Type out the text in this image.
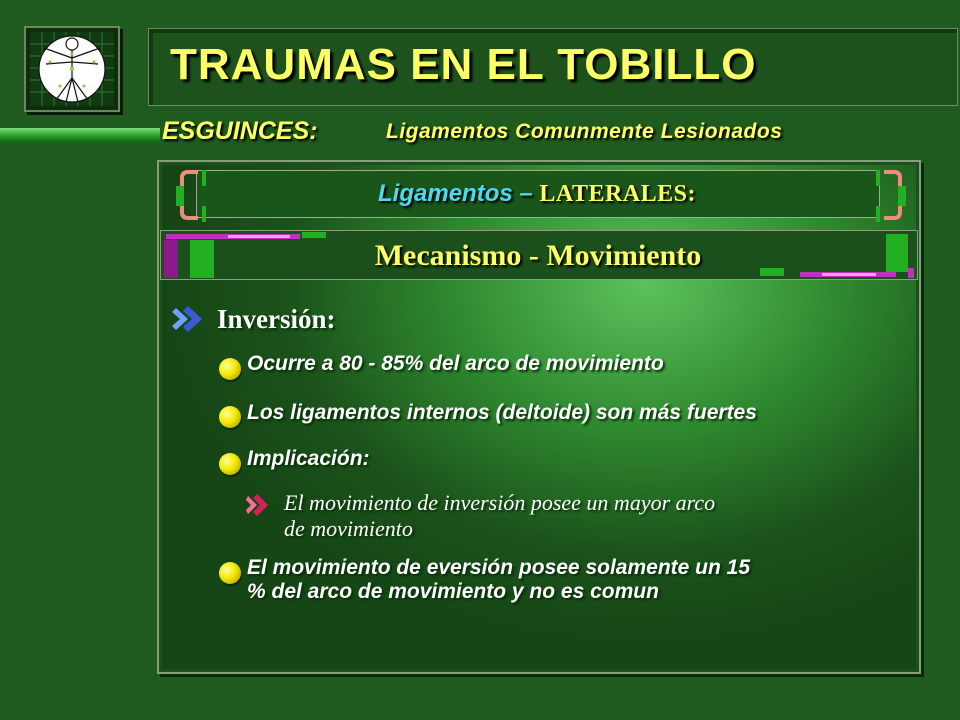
TRAUMAS EN EL TOBILLO
ESGUINCES:	Ligamentos Comunmente Lesionados
Ligamentos – LATERALES:
Mecanismo - Movimiento
Inversión:
Ocurre a 80 - 85% del arco de movimiento
Los ligamentos internos (deltoide) son más fuertes
Implicación:
El movimiento de inversión posee un mayor arco
de movimiento
El movimiento de eversión posee solamente un 15
% del arco de movimiento y no es comun
